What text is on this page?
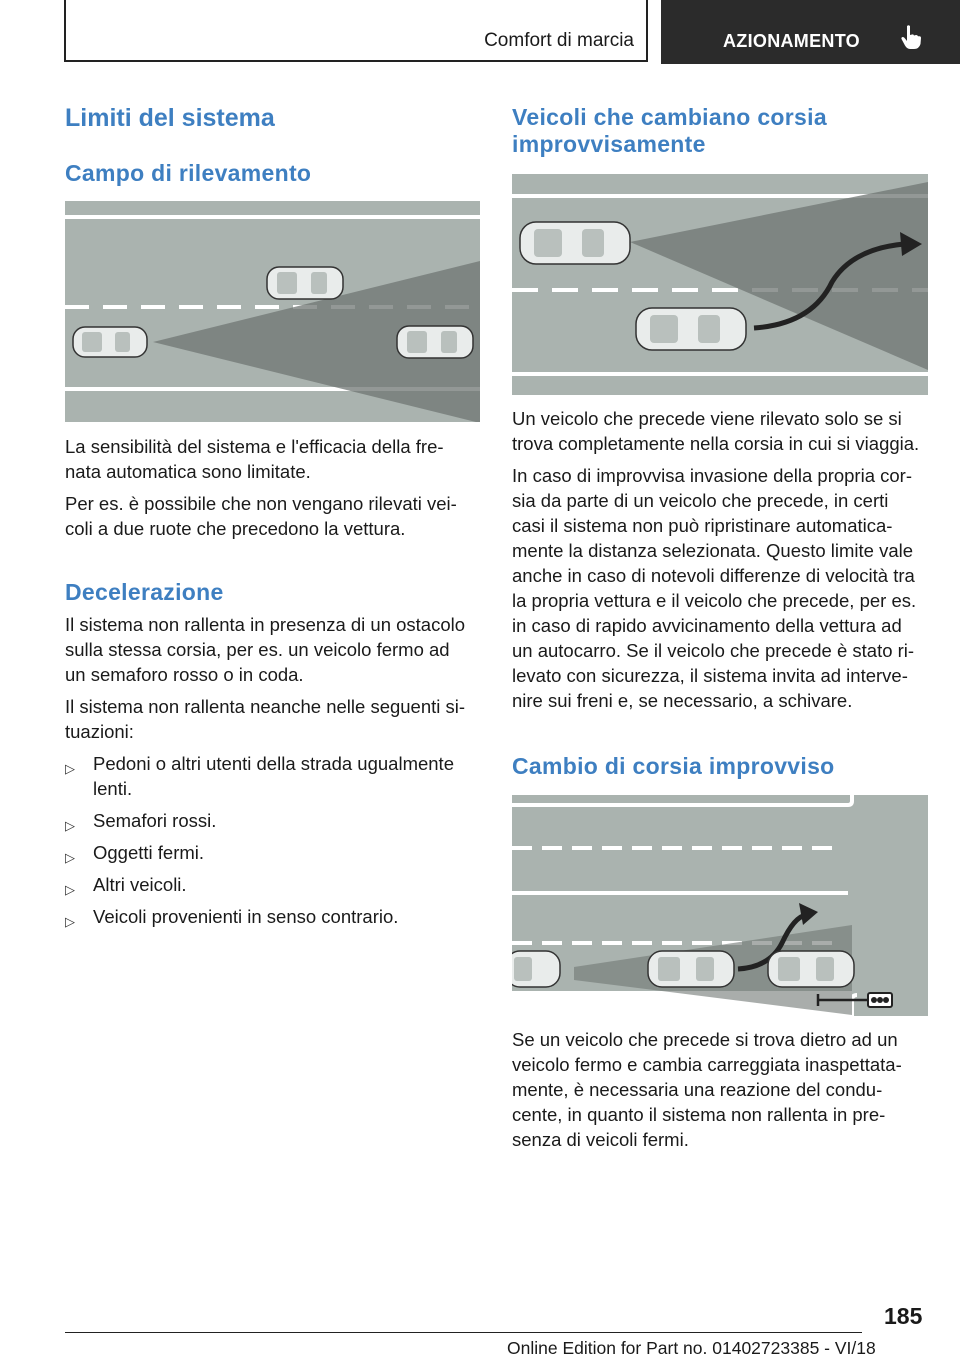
Comfort di marcia	AZIONAMENTO
Limiti del sistema
Campo di rilevamento

La sensibilità del sistema e l'efficacia della fre-
nata automatica sono limitate.

Per es. è possibile che non vengano rilevati vei-
coli a due ruote che precedono la vettura.

Decelerazione

Il sistema non rallenta in presenza di un ostacolo
sulla stessa corsia, per es. un veicolo fermo ad
un semaforo rosso o in coda.

Il sistema non rallenta neanche nelle seguenti si-
tuazioni:

▷ Pedoni o altri utenti della strada ugualmente
lenti.
▷ Semafori rossi.
▷ Oggetti fermi.
▷ Altri veicoli.
▷ Veicoli provenienti in senso contrario.
Veicoli che cambiano corsia
improvvisamente

Un veicolo che precede viene rilevato solo se si
trova completamente nella corsia in cui si viaggia.

In caso di improvvisa invasione della propria cor-
sia da parte di un veicolo che precede, in certi
casi il sistema non può ripristinare automatica-
mente la distanza selezionata. Questo limite vale
anche in caso di notevoli differenze di velocità tra
la propria vettura e il veicolo che precede, per es.
in caso di rapido avvicinamento della vettura ad
un autocarro. Se il veicolo che precede è stato ri-
levato con sicurezza, il sistema invita ad interve-
nire sui freni e, se necessario, a schivare.

Cambio di corsia improvviso

Se un veicolo che precede si trova dietro ad un
veicolo fermo e cambia carreggiata inaspettata-
mente, è necessaria una reazione del condu-
cente, in quanto il sistema non rallenta in pre-
senza di veicoli fermi.

185
Online Edition for Part no. 01402723385 - VI/18
